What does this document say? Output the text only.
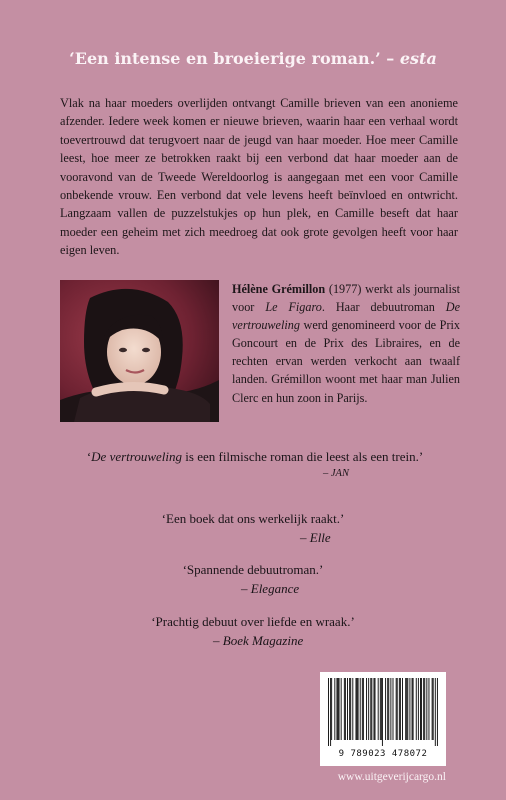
‘Een intense en broeierige roman.’ – esta

Vlak na haar moeders overlijden ontvangt Camille brieven van een anonieme afzender. Iedere week komen er nieuwe brieven, waarin haar een verhaal wordt toevertrouwd dat terugvoert naar de jeugd van haar moeder. Hoe meer Camille leest, hoe meer ze betrokken raakt bij een verbond dat haar moeder aan de vooravond van de Tweede Wereldoorlog is aangegaan met een voor Camille onbekende vrouw. Een verbond dat vele levens heeft beïnvloed en ontwricht. Langzaam vallen de puzzelstukjes op hun plek, en Camille beseft dat haar moeder een geheim met zich meedroeg dat ook grote gevolgen heeft voor haar eigen leven.

Hélène Grémillon (1977) werkt als journalist voor Le Figaro. Haar debuutroman De vertrouweling werd genomineerd voor de Prix Goncourt en de Prix des Libraires, en de rechten ervan werden verkocht aan twaalf landen. Grémillon woont met haar man Julien Clerc en hun zoon in Parijs.

‘De vertrouweling is een filmische roman die leest als een trein.’
– JAN
‘Een boek dat ons werkelijk raakt.’
– Elle
‘Spannende debuutroman.’
– Elegance
‘Prachtig debuut over liefde en wraak.’
– Boek Magazine
9 789023 478072
www.uitgeverijcargo.nl
